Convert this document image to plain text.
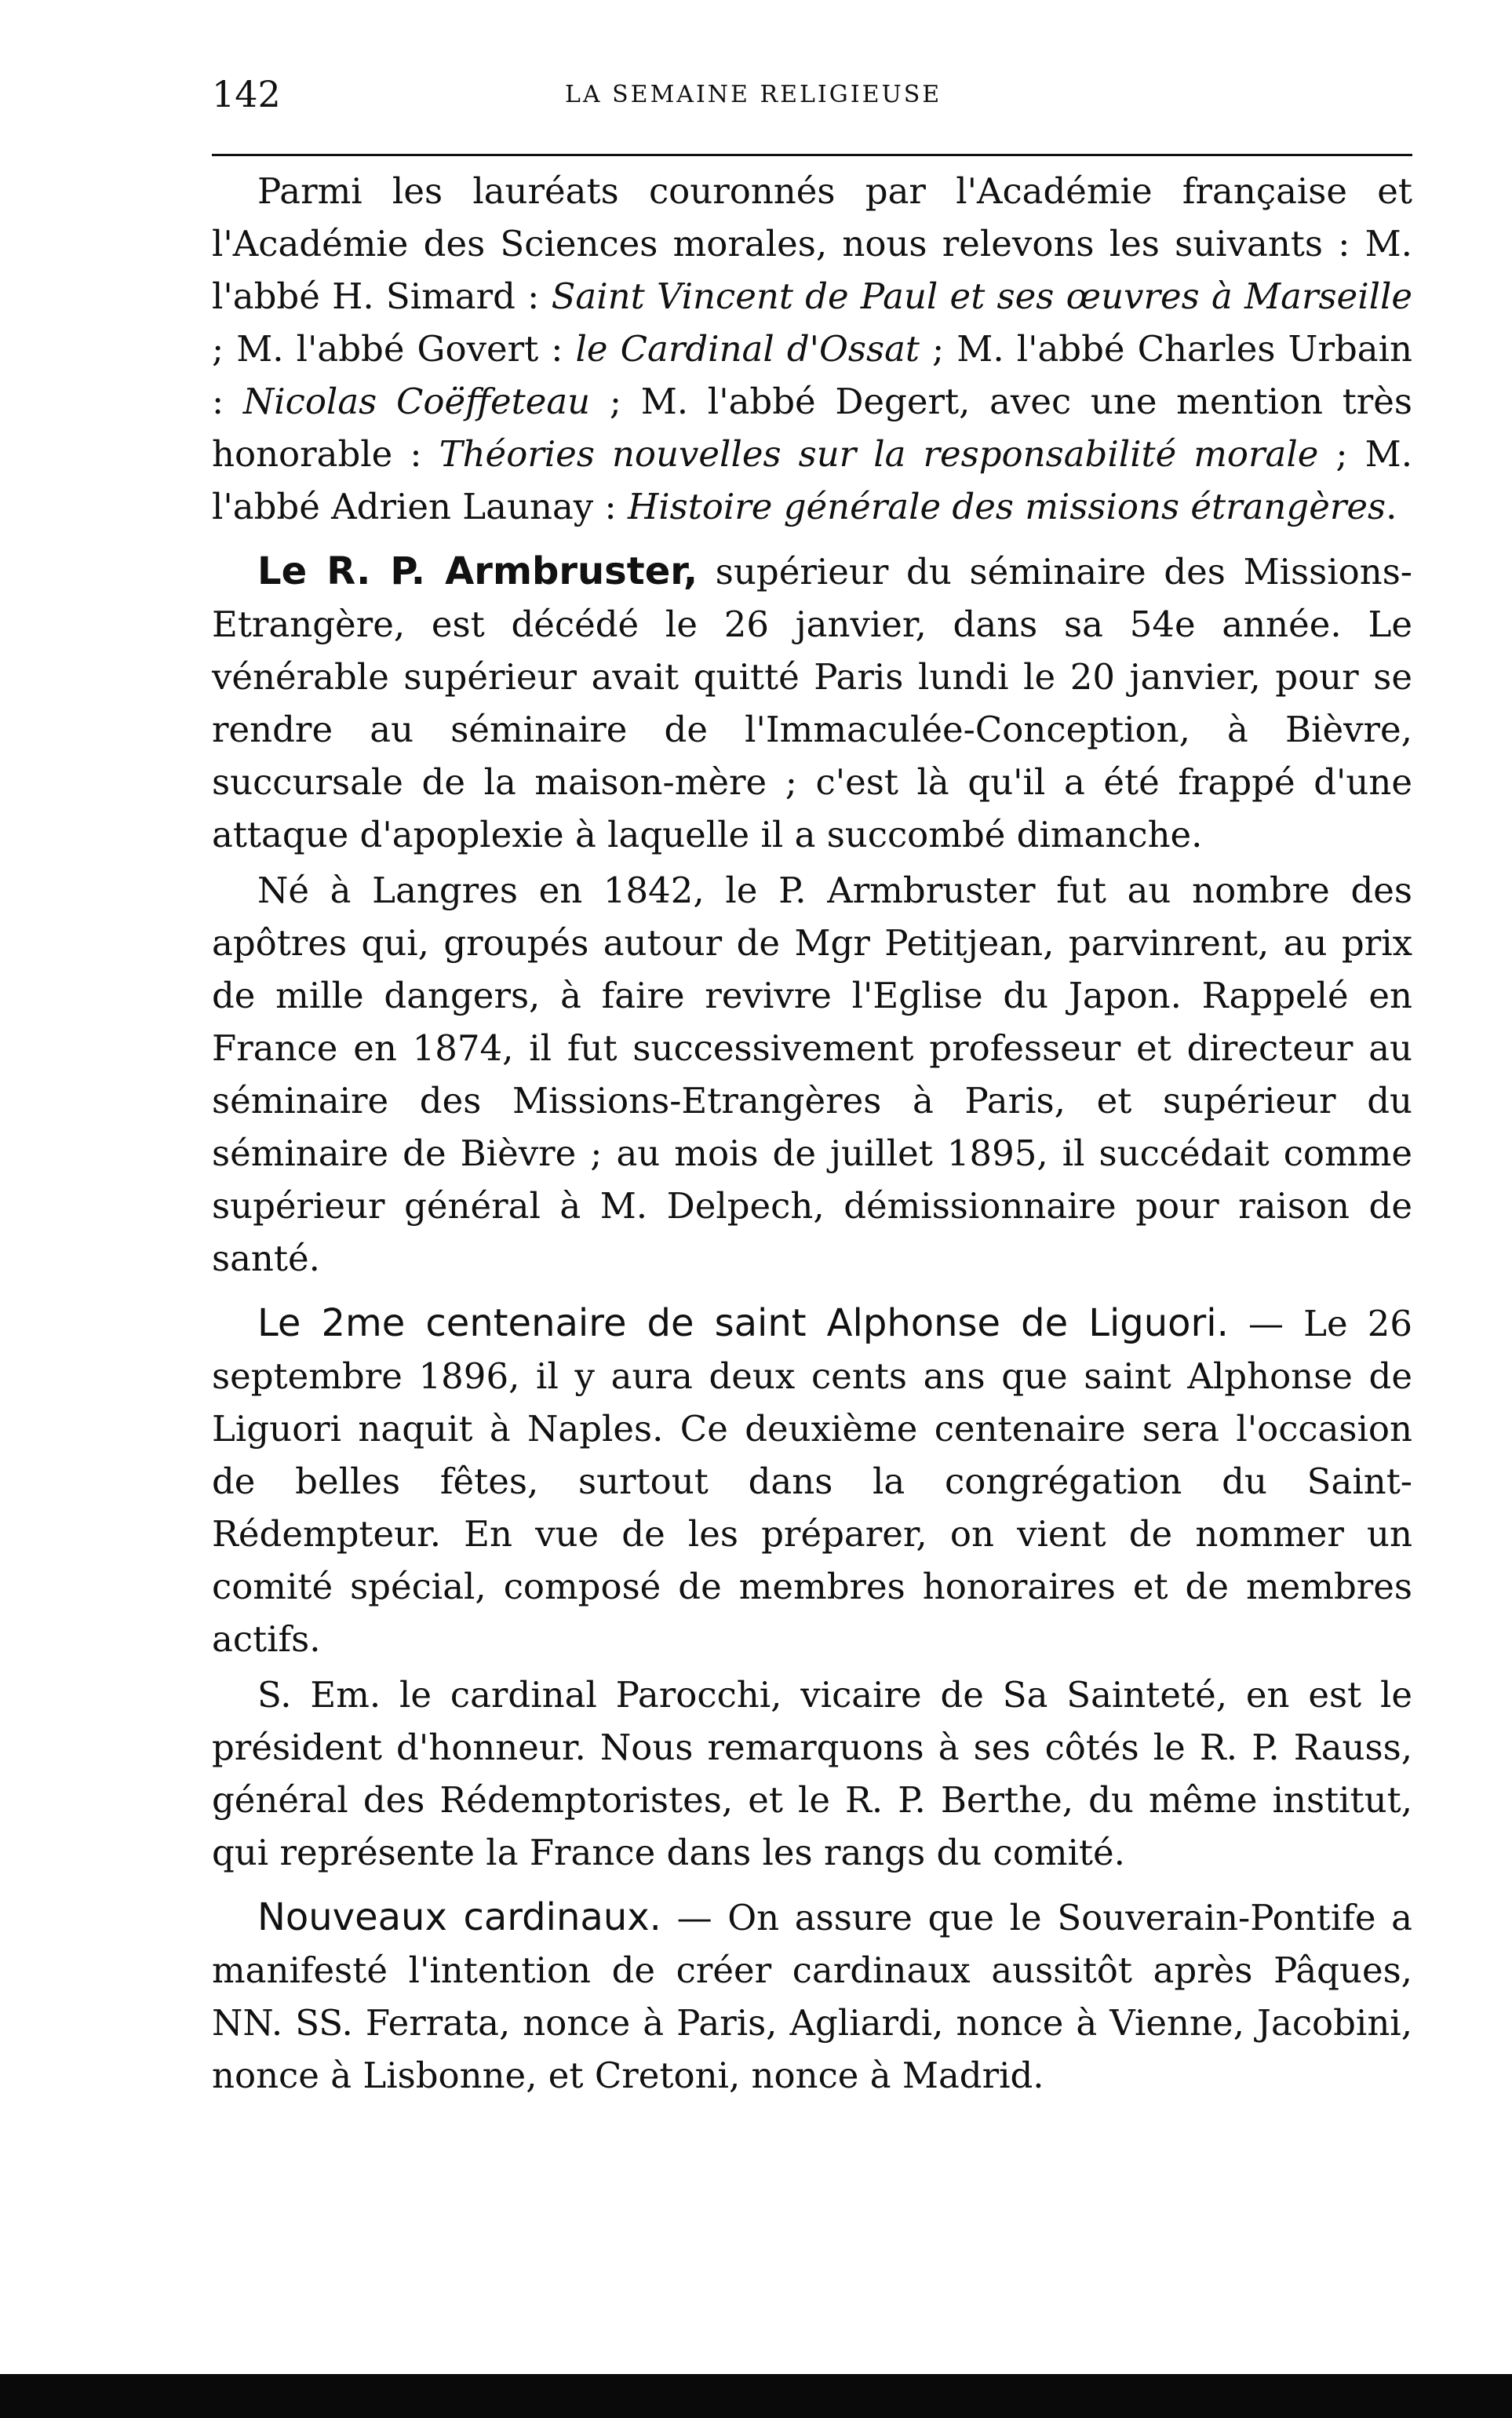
142	LA SEMAINE RELIGIEUSE

Parmi les lauréats couronnés par l'Académie française et l'Académie des Sciences morales, nous relevons les suivants : M. l'abbé H. Simard : Saint Vincent de Paul et ses œuvres à Marseille ; M. l'abbé Govert : le Cardinal d'Ossat ; M. l'abbé Charles Urbain : Nicolas Coëffeteau ; M. l'abbé Degert, avec une mention très honorable : Théories nouvelles sur la responsabilité morale ; M. l'abbé Adrien Launay : Histoire générale des missions étrangères.

Le R. P. Armbruster, supérieur du séminaire des Missions-Etrangère, est décédé le 26 janvier, dans sa 54e année. Le vénérable supérieur avait quitté Paris lundi le 20 janvier, pour se rendre au séminaire de l'Immaculée-Conception, à Bièvre, succursale de la maison-mère ; c'est là qu'il a été frappé d'une attaque d'apoplexie à laquelle il a succombé dimanche.

Né à Langres en 1842, le P. Armbruster fut au nombre des apôtres qui, groupés autour de Mgr Petitjean, parvinrent, au prix de mille dangers, à faire revivre l'Eglise du Japon. Rappelé en France en 1874, il fut successivement professeur et directeur au séminaire des Missions-Etrangères à Paris, et supérieur du séminaire de Bièvre ; au mois de juillet 1895, il succédait comme supérieur général à M. Delpech, démissionnaire pour raison de santé.

Le 2me centenaire de saint Alphonse de Liguori. — Le 26 septembre 1896, il y aura deux cents ans que saint Alphonse de Liguori naquit à Naples. Ce deuxième centenaire sera l'occasion de belles fêtes, surtout dans la congrégation du Saint-Rédempteur. En vue de les préparer, on vient de nommer un comité spécial, composé de membres honoraires et de membres actifs.

S. Em. le cardinal Parocchi, vicaire de Sa Sainteté, en est le président d'honneur. Nous remarquons à ses côtés le R. P. Rauss, général des Rédemptoristes, et le R. P. Berthe, du même institut, qui représente la France dans les rangs du comité.

Nouveaux cardinaux. — On assure que le Souverain-Pontife a manifesté l'intention de créer cardinaux aussitôt après Pâques, NN. SS. Ferrata, nonce à Paris, Agliardi, nonce à Vienne, Jacobini, nonce à Lisbonne, et Cretoni, nonce à Madrid.
